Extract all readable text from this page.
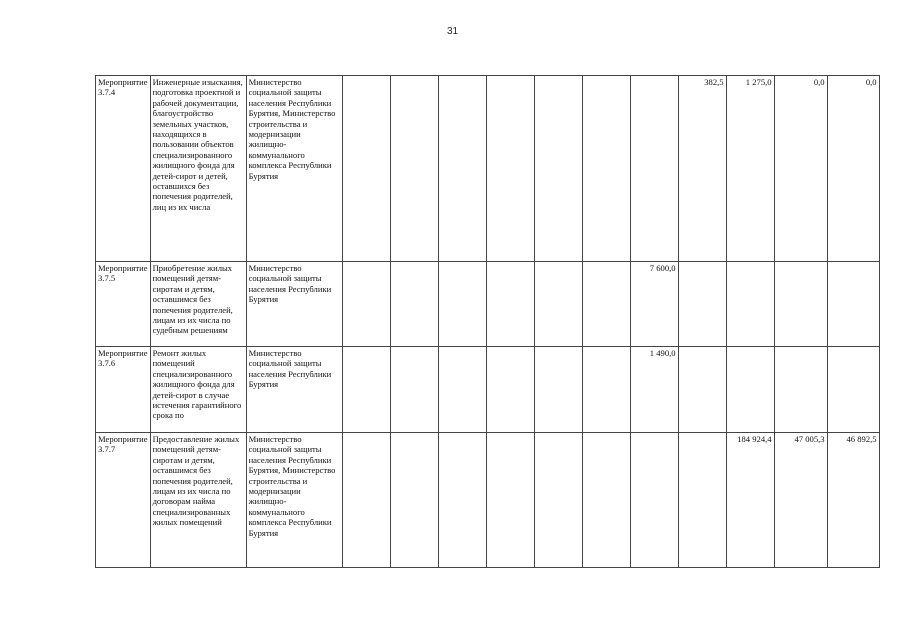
31
Мероприятие 3.7.4	Инженерные изыскания, подготовка проектной и рабочей документации, благоустройство земельных участков, находящихся в пользовании объектов специализированного жилищного фонда для детей-сирот и детей, оставшихся без попечения родителей, лиц из их числа	Министерство социальной защиты населения Республики Бурятия, Министерство строительства и модернизации жилищно-коммунального комплекса Республики Бурятия								382,5	1 275,0	0,0	0,0
Мероприятие 3.7.5	Приобретение жилых помещений детям-сиротам и детям, оставшимся без попечения родителей, лицам из их числа по судебным решениям	Министерство социальной защиты населения Республики Бурятия							7 600,0				
Мероприятие 3.7.6	Ремонт жилых помещений специализированного жилищного фонда для детей-сирот в случае истечения гарантийного срока по	Министерство социальной защиты населения Республики Бурятия							1 490,0				
Мероприятие 3.7.7	Предоставление жилых помещений детям-сиротам и детям, оставшимся без попечения родителей, лицам из их числа по договорам найма специализированных жилых помещений	Министерство социальной защиты населения Республики Бурятия, Министерство строительства и модернизации жилищно-коммунального комплекса Республики Бурятия									184 924,4	47 005,3	46 892,5
